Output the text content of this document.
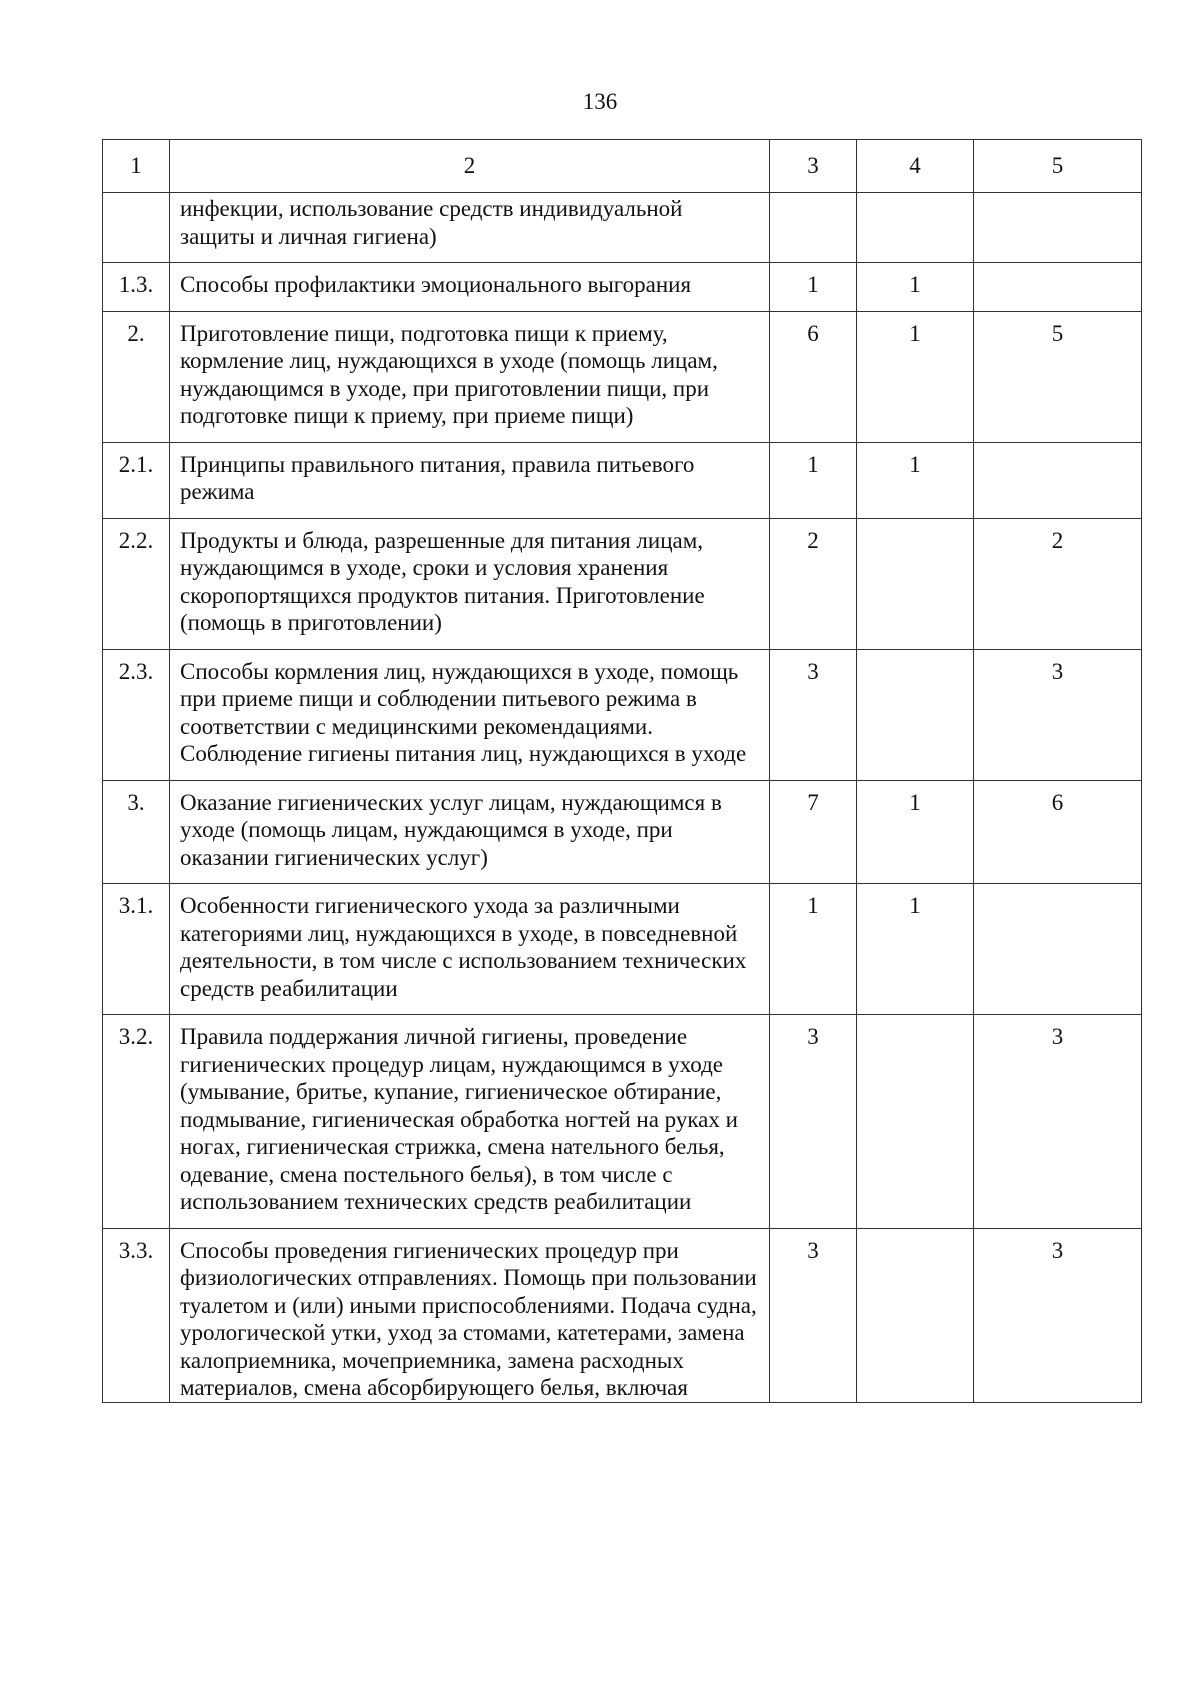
136
1	2	3	4	5
	инфекции, использование средств индивидуальной защиты и личная гигиена)			
1.3.	Способы профилактики эмоционального выгорания	1	1	
2.	Приготовление пищи, подготовка пищи к приему, кормление лиц, нуждающихся в уходе (помощь лицам, нуждающимся в уходе, при приготовлении пищи, при подготовке пищи к приему, при приеме пищи)	6	1	5
2.1.	Принципы правильного питания, правила питьевого режима	1	1	
2.2.	Продукты и блюда, разрешенные для питания лицам, нуждающимся в уходе, сроки и условия хранения скоропортящихся продуктов питания. Приготовление (помощь в приготовлении)	2		2
2.3.	Способы кормления лиц, нуждающихся в уходе, помощь при приеме пищи и соблюдении питьевого режима в соответствии с медицинскими рекомендациями. Соблюдение гигиены питания лиц, нуждающихся в уходе	3		3
3.	Оказание гигиенических услуг лицам, нуждающимся в уходе (помощь лицам, нуждающимся в уходе, при оказании гигиенических услуг)	7	1	6
3.1.	Особенности гигиенического ухода за различными категориями лиц, нуждающихся в уходе, в повседневной деятельности, в том числе с использованием технических средств реабилитации	1	1	
3.2.	Правила поддержания личной гигиены, проведение гигиенических процедур лицам, нуждающимся в уходе (умывание, бритье, купание, гигиеническое обтирание, подмывание, гигиеническая обработка ногтей на руках и ногах, гигиеническая стрижка, смена нательного белья, одевание, смена постельного белья), в том числе с использованием технических средств реабилитации	3		3
3.3.	Способы проведения гигиенических процедур при физиологических отправлениях. Помощь при пользовании туалетом и (или) иными приспособлениями. Подача судна, урологической утки, уход за стомами, катетерами, замена калоприемника, мочеприемника, замена расходных материалов, смена абсорбирующего белья, включая	3		3
